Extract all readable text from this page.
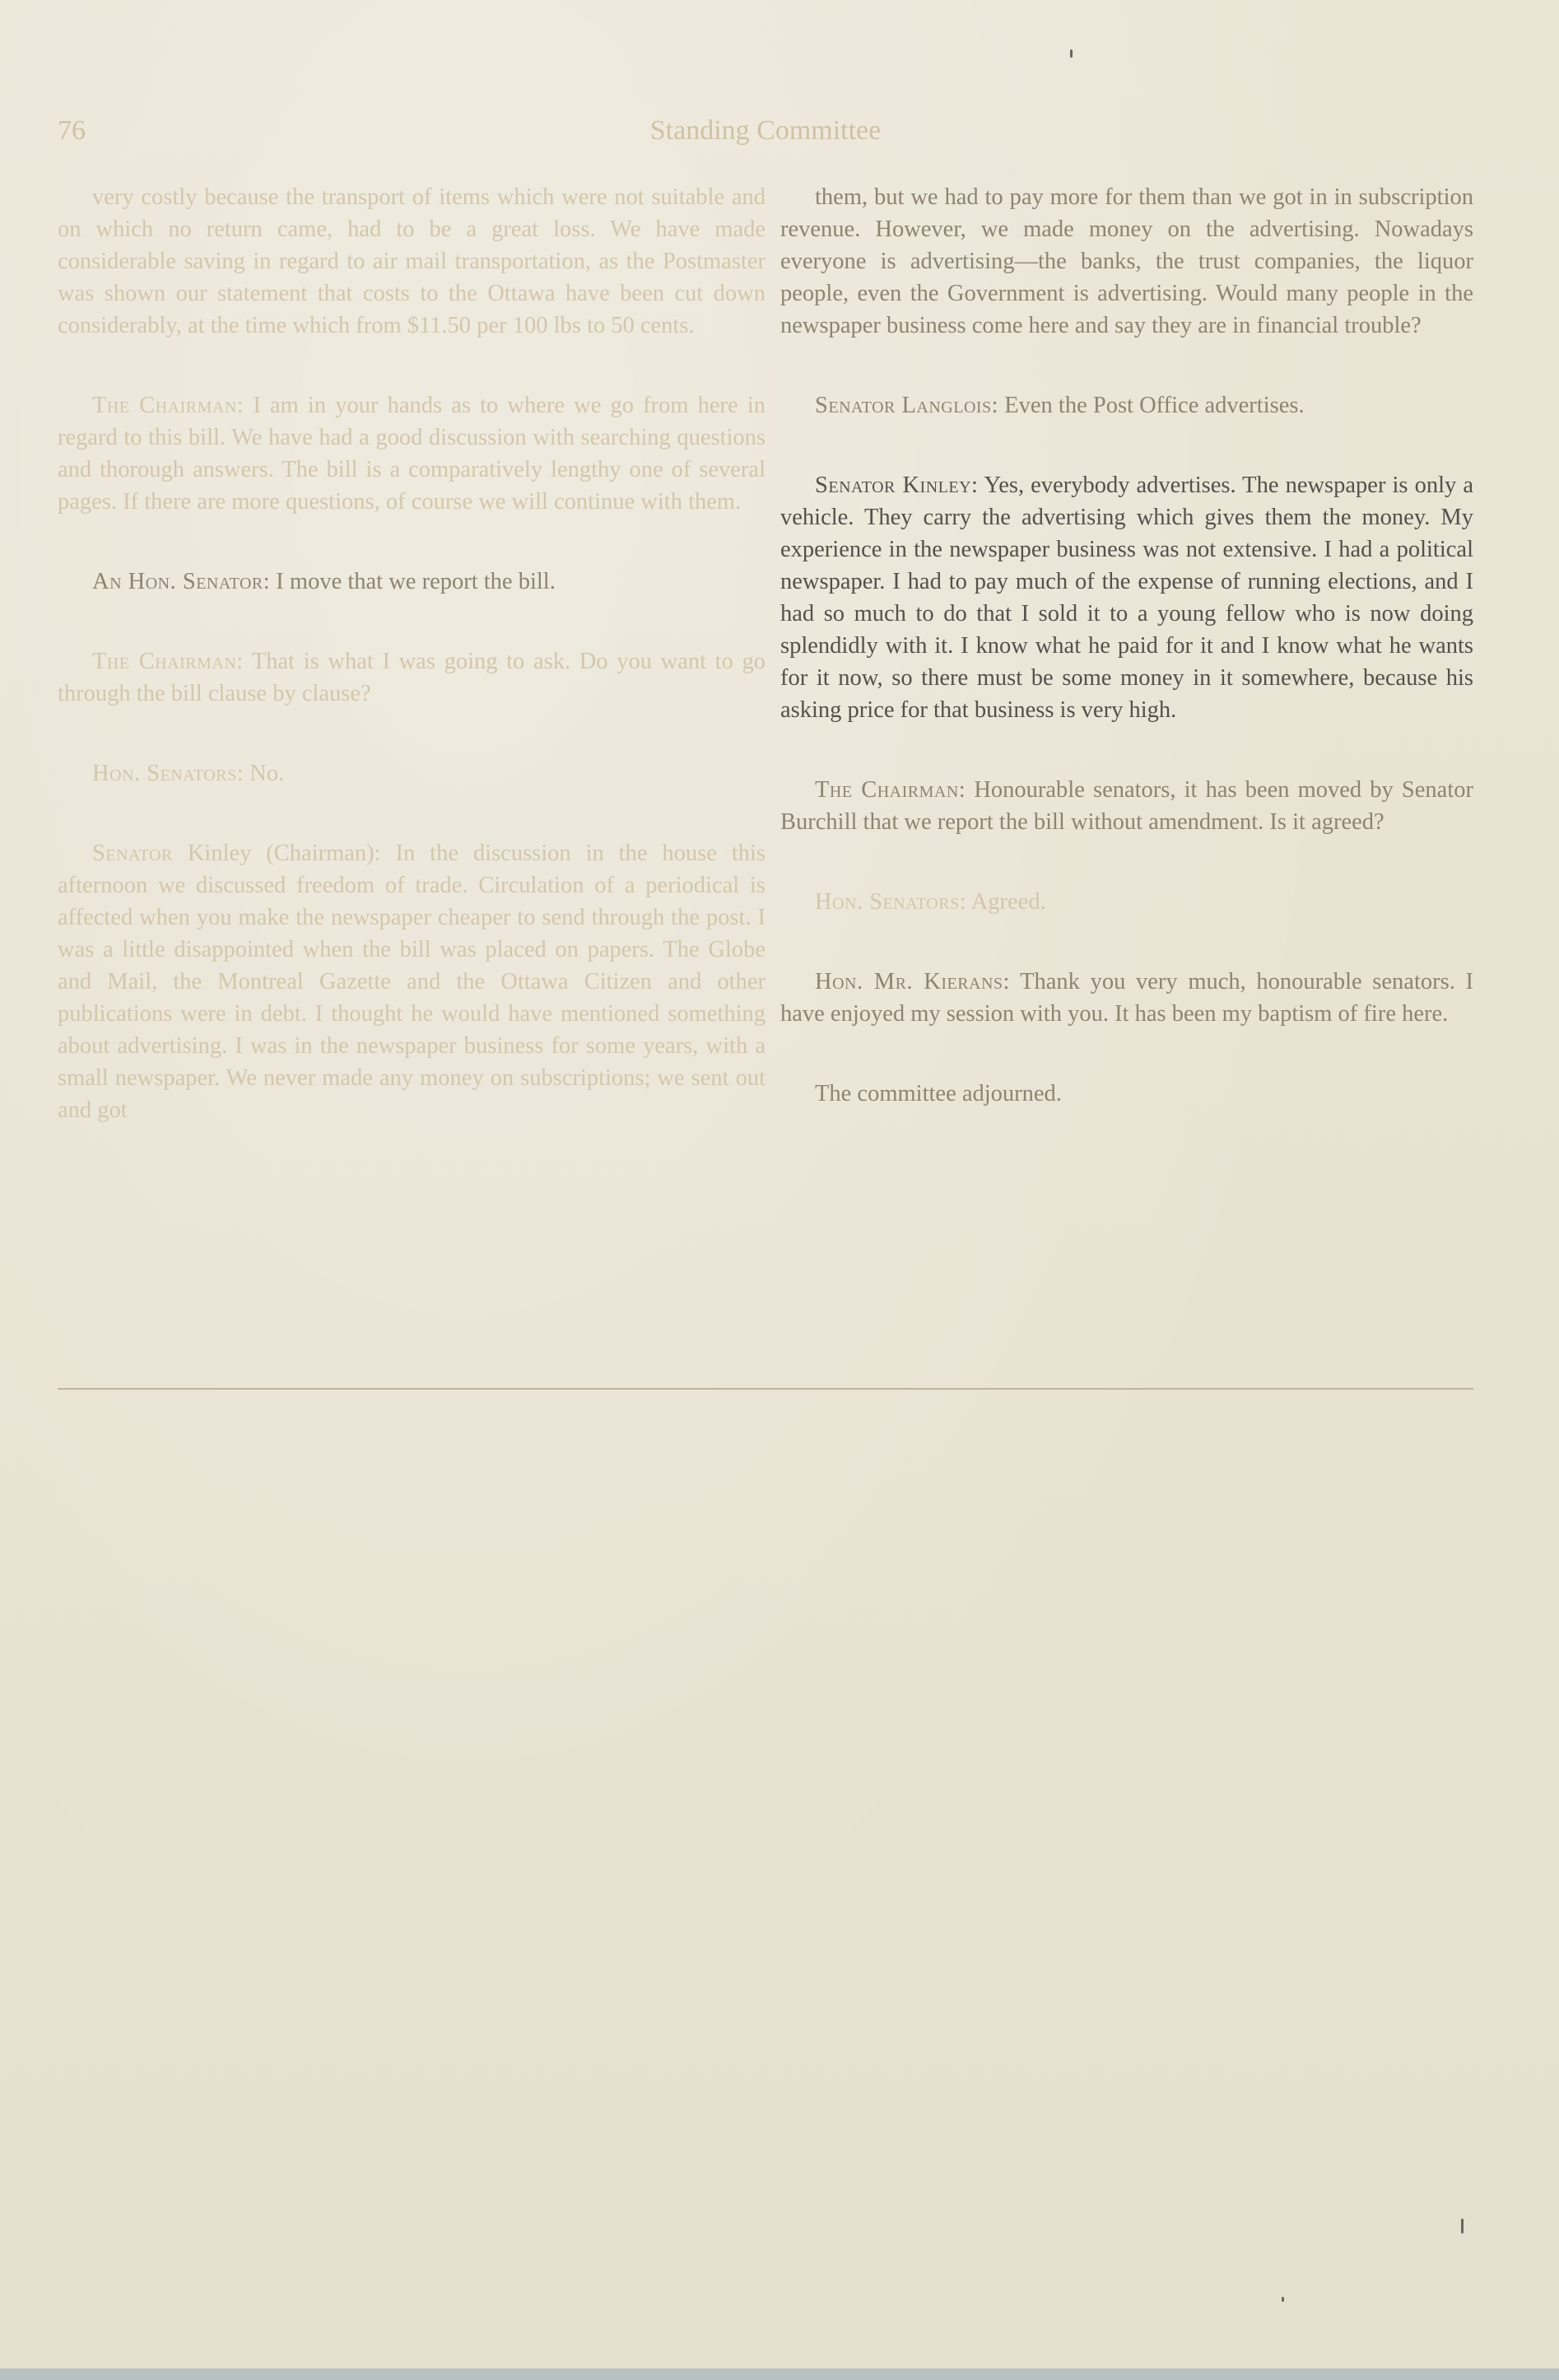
76	Standing Committee

very costly because the transport of items which were not suitable and on which no return came, had to be a great loss. We have made considerable saving in regard to air mail transportation, as the Postmaster was shown our statement that costs to the Ottawa have been cut down considerably, at the time which from $11.50 per 100 lbs to 50 cents.

The Chairman: I am in your hands as to where we go from here in regard to this bill. We have had a good discussion with searching questions and thorough answers. The bill is a comparatively lengthy one of several pages. If there are more questions, of course we will continue with them.

An Hon. Senator: I move that we report the bill.

The Chairman: That is what I was going to ask. Do you want to go through the bill clause by clause?

Hon. Senators: No.

Senator Kinley (Chairman): In the discussion in the house this afternoon we discussed freedom of trade. Circulation of a periodical is affected when you make the newspaper cheaper to send through the post. I was a little disappointed when the bill was placed on papers. The Globe and Mail, the Montreal Gazette and the Ottawa Citizen and other publications were in debt. I thought he would have mentioned something about advertising. I was in the newspaper business for some years, with a small newspaper. We never made any money on subscriptions; we sent out and got

them, but we had to pay more for them than we got in in subscription revenue. However, we made money on the advertising. Nowadays everyone is advertising—the banks, the trust companies, the liquor people, even the Government is advertising. Would many people in the newspaper business come here and say they are in financial trouble?

Senator Langlois: Even the Post Office advertises.

Senator Kinley: Yes, everybody advertises. The newspaper is only a vehicle. They carry the advertising which gives them the money. My experience in the newspaper business was not extensive. I had a political newspaper. I had to pay much of the expense of running elections, and I had so much to do that I sold it to a young fellow who is now doing splendidly with it. I know what he paid for it and I know what he wants for it now, so there must be some money in it somewhere, because his asking price for that business is very high.

The Chairman: Honourable senators, it has been moved by Senator Burchill that we report the bill without amendment. Is it agreed?

Hon. Senators: Agreed.

Hon. Mr. Kierans: Thank you very much, honourable senators. I have enjoyed my session with you. It has been my baptism of fire here.

The committee adjourned.
